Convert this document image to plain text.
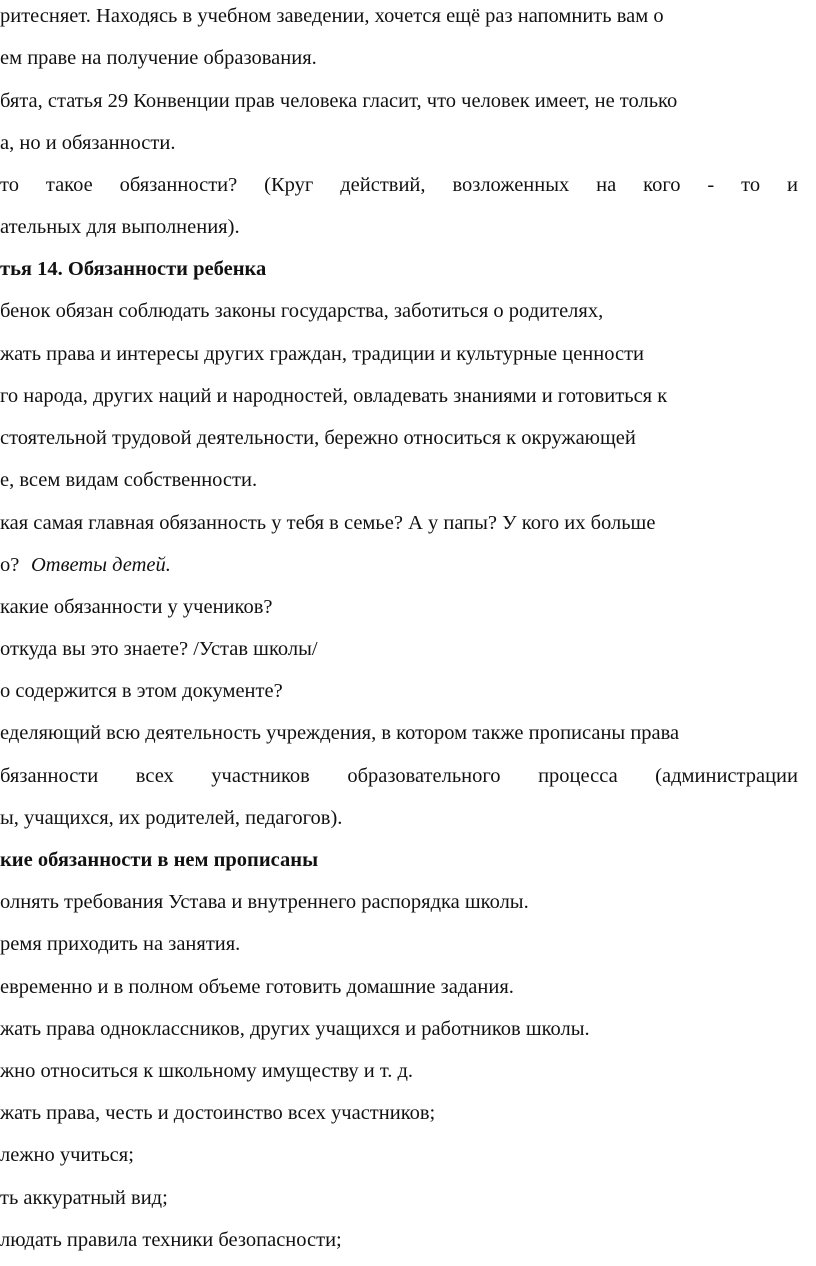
ритесняет. Находясь в учебном заведении, хочется ещё раз напомнить вам о
ем праве на получение образования.
бята, статья 29 Конвенции прав человека гласит, что человек имеет, не только
а, но и обязанности.
то такое обязанности? (Круг действий, возложенных на кого - то и
ательных для выполнения).
тья 14. Обязанности ребенка
бенок обязан соблюдать законы государства, заботиться о родителях,
жать права и интересы других граждан, традиции и культурные ценности
го народа, других наций и народностей, овладевать знаниями и готовиться к
стоятельной трудовой деятельности, бережно относиться к окружающей
е, всем видам собственности.
кая самая главная обязанность у тебя в семье? А у папы? У кого их больше
о? Ответы детей.
какие обязанности у учеников?
откуда вы это знаете? /Устав школы/
о содержится в этом документе?
еделяющий всю деятельность учреждения, в котором также прописаны права
бязанности всех участников образовательного процесса (администрации
ы, учащихся, их родителей, педагогов).
кие обязанности в нем прописаны
олнять требования Устава и внутреннего распорядка школы.
ремя приходить на занятия.
евременно и в полном объеме готовить домашние задания.
жать права одноклассников, других учащихся и работников школы.
жно относиться к школьному имуществу и т. д.
жать права, честь и достоинство всех участников;
лежно учиться;
ть аккуратный вид;
людать правила техники безопасности;
